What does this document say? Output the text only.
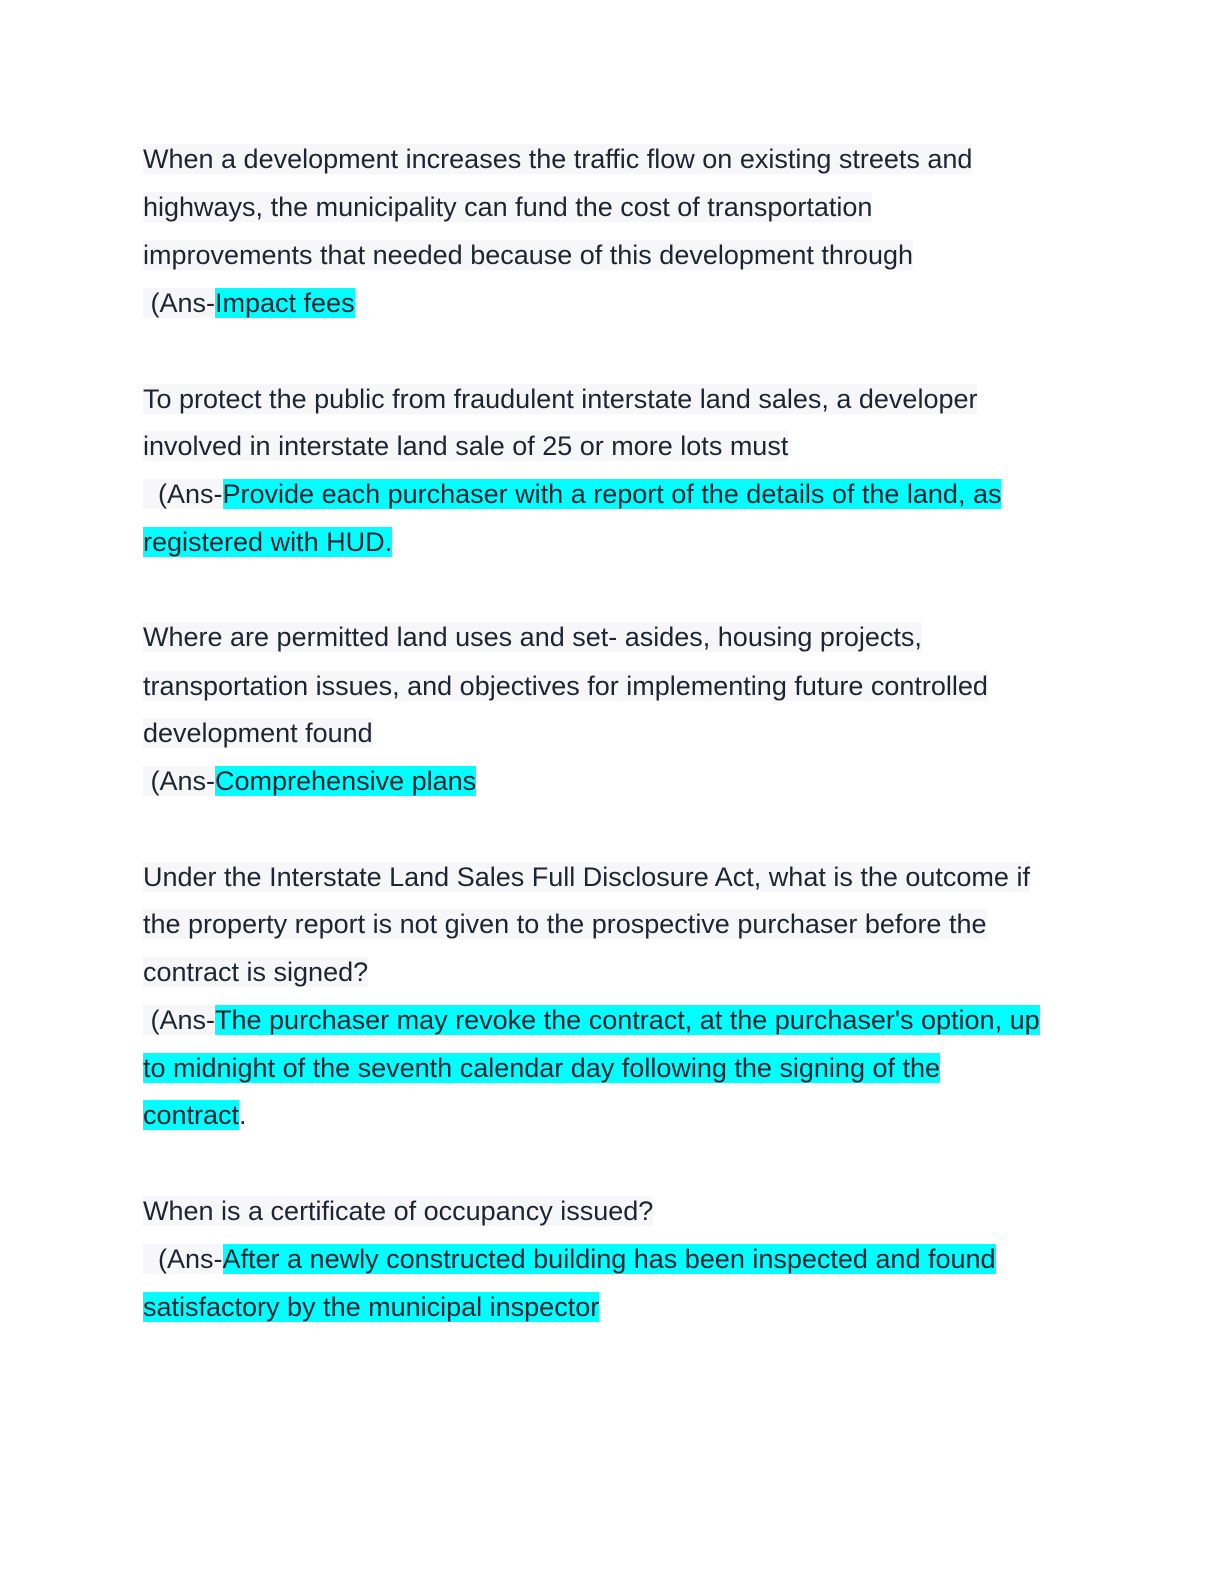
When a development increases the traffic flow on existing streets and
highways, the municipality can fund the cost of transportation
improvements that needed because of this development through
(Ans-Impact fees
To protect the public from fraudulent interstate land sales, a developer
involved in interstate land sale of 25 or more lots must
(Ans-Provide each purchaser with a report of the details of the land, as
registered with HUD.
Where are permitted land uses and set- asides, housing projects,
transportation issues, and objectives for implementing future controlled
development found
(Ans-Comprehensive plans
Under the Interstate Land Sales Full Disclosure Act, what is the outcome if
the property report is not given to the prospective purchaser before the
contract is signed?
(Ans-The purchaser may revoke the contract, at the purchaser's option, up
to midnight of the seventh calendar day following the signing of the
contract.
When is a certificate of occupancy issued?
(Ans-After a newly constructed building has been inspected and found
satisfactory by the municipal inspector
